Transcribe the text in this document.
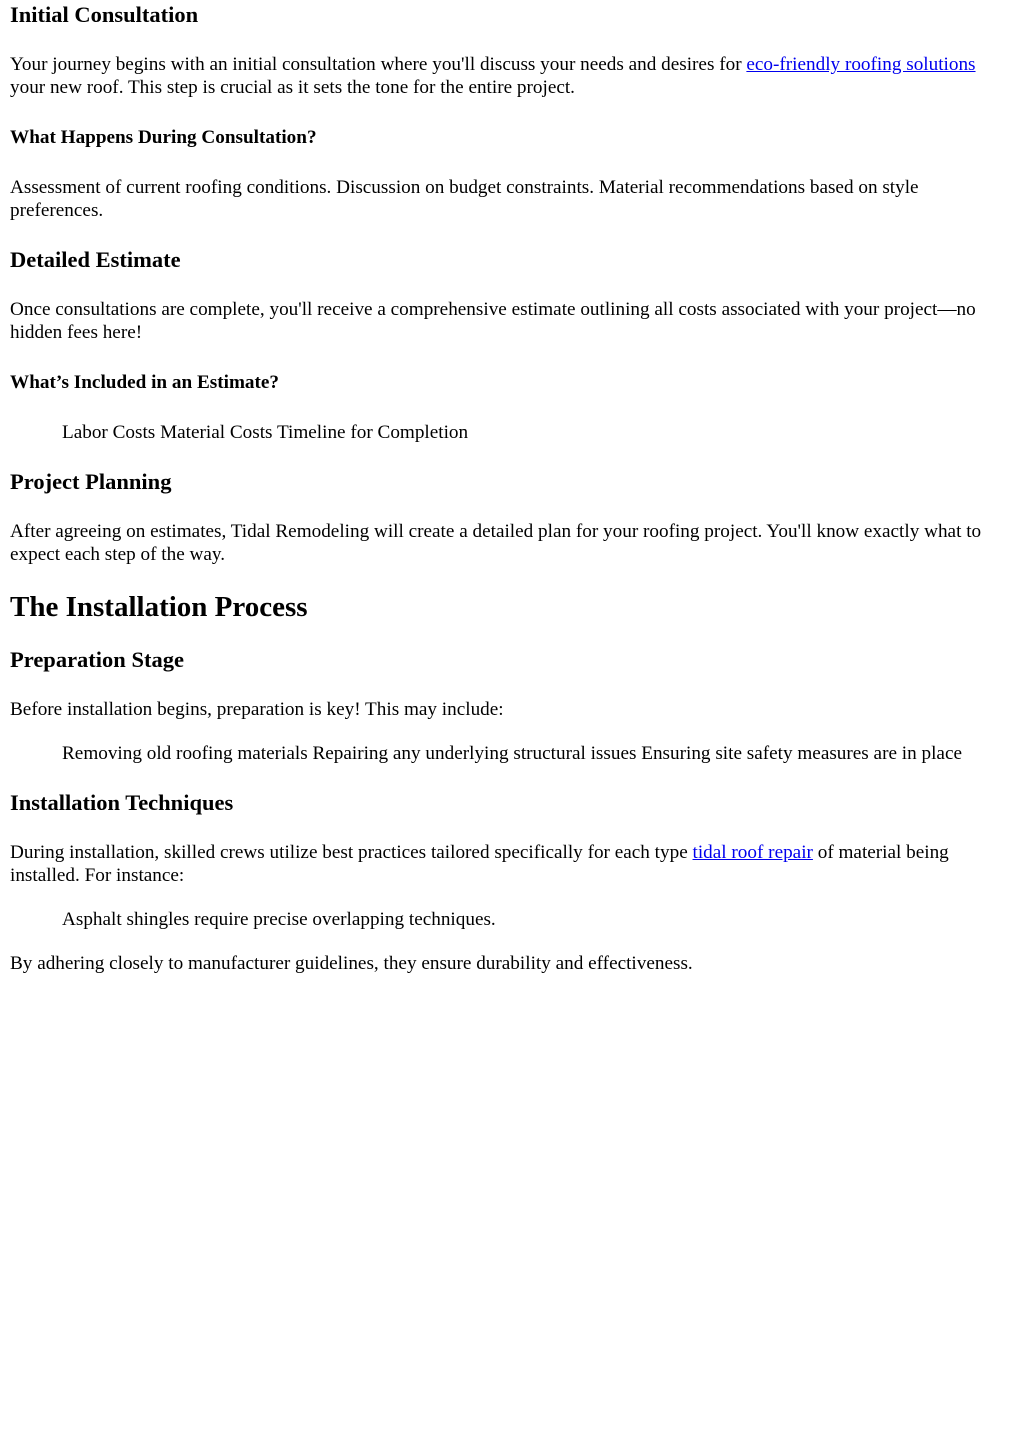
Initial Consultation

Your journey begins with an initial consultation where you'll discuss your needs and desires for eco-friendly roofing solutions your new roof. This step is crucial as it sets the tone for the entire project.

What Happens During Consultation?

Assessment of current roofing conditions. Discussion on budget constraints. Material recommendations based on style preferences.

Detailed Estimate

Once consultations are complete, you'll receive a comprehensive estimate outlining all costs associated with your project—no hidden fees here!

What’s Included in an Estimate?
Labor Costs Material Costs Timeline for Completion
Project Planning

After agreeing on estimates, Tidal Remodeling will create a detailed plan for your roofing project. You'll know exactly what to expect each step of the way.

The Installation Process
Preparation Stage

Before installation begins, preparation is key! This may include:

Removing old roofing materials Repairing any underlying structural issues Ensuring site safety measures are in place
Installation Techniques

During installation, skilled crews utilize best practices tailored specifically for each type tidal roof repair of material being installed. For instance:

Asphalt shingles require precise overlapping techniques.

By adhering closely to manufacturer guidelines, they ensure durability and effectiveness.
